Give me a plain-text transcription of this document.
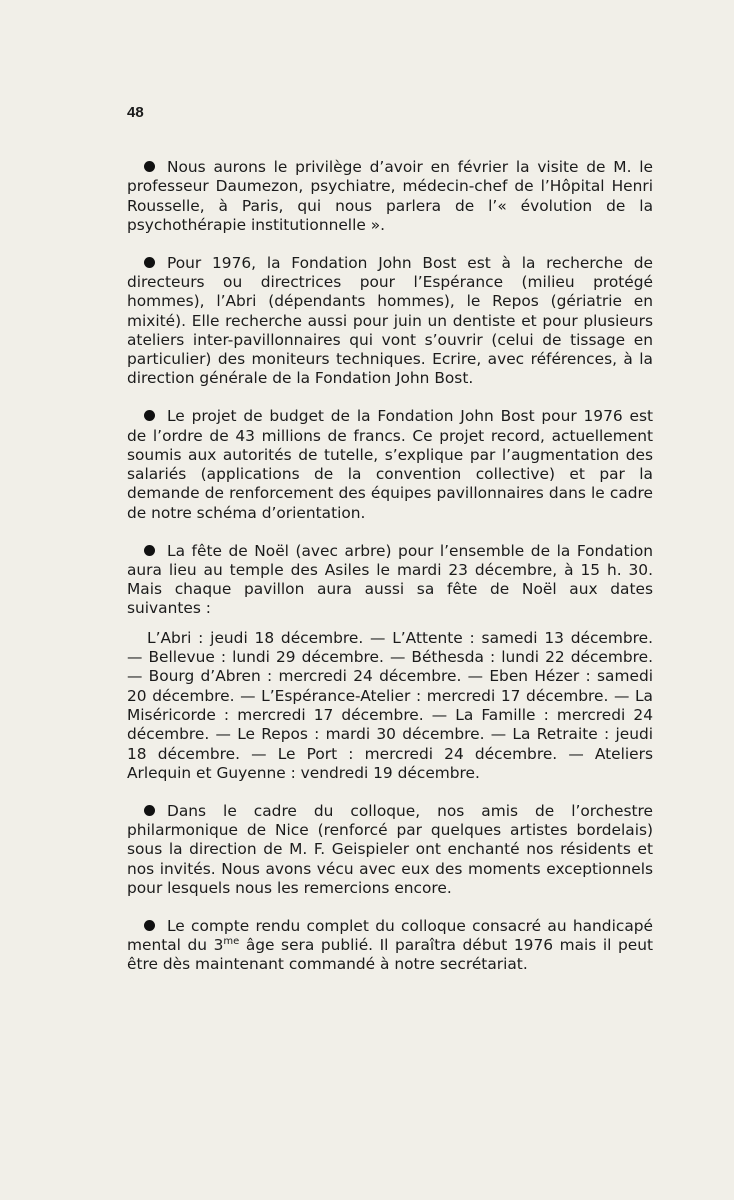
48

Nous aurons le privilège d’avoir en février la visite de M. le professeur Daumezon, psychiatre, médecin-chef de l’Hôpital Henri Rousselle, à Paris, qui nous parlera de l’« évolution de la psychothérapie institutionnelle ».

Pour 1976, la Fondation John Bost est à la recherche de directeurs ou directrices pour l’Espérance (milieu protégé hommes), l’Abri (dépendants hommes), le Repos (gériatrie en mixité). Elle recherche aussi pour juin un dentiste et pour plusieurs ateliers inter-pavillonnaires qui vont s’ouvrir (celui de tissage en particulier) des moniteurs techniques. Ecrire, avec références, à la direction générale de la Fondation John Bost.

Le projet de budget de la Fondation John Bost pour 1976 est de l’ordre de 43 millions de francs. Ce projet record, actuellement soumis aux autorités de tutelle, s’explique par l’augmentation des salariés (applications de la convention collective) et par la demande de renforcement des équipes pavillonnaires dans le cadre de notre schéma d’orientation.

La fête de Noël (avec arbre) pour l’ensemble de la Fondation aura lieu au temple des Asiles le mardi 23 décembre, à 15 h. 30. Mais chaque pavillon aura aussi sa fête de Noël aux dates suivantes :

L’Abri : jeudi 18 décembre. — L’Attente : samedi 13 décembre. — Bellevue : lundi 29 décembre. — Béthesda : lundi 22 décembre. — Bourg d’Abren : mercredi 24 décembre. — Eben Hézer : samedi 20 décembre. — L’Espérance-Atelier : mercredi 17 décembre. — La Miséricorde : mercredi 17 décembre. — La Famille : mercredi 24 décembre. — Le Repos : mardi 30 décembre. — La Retraite : jeudi 18 décembre. — Le Port : mercredi 24 décembre. — Ateliers Arlequin et Guyenne : vendredi 19 décembre.

Dans le cadre du colloque, nos amis de l’orchestre philarmonique de Nice (renforcé par quelques artistes bordelais) sous la direction de M. F. Geispieler ont enchanté nos résidents et nos invités. Nous avons vécu avec eux des moments exceptionnels pour lesquels nous les remercions encore.

Le compte rendu complet du colloque consacré au handicapé mental du $3^{me}$ âge sera publié. Il paraîtra début 1976 mais il peut être dès maintenant commandé à notre secrétariat.
